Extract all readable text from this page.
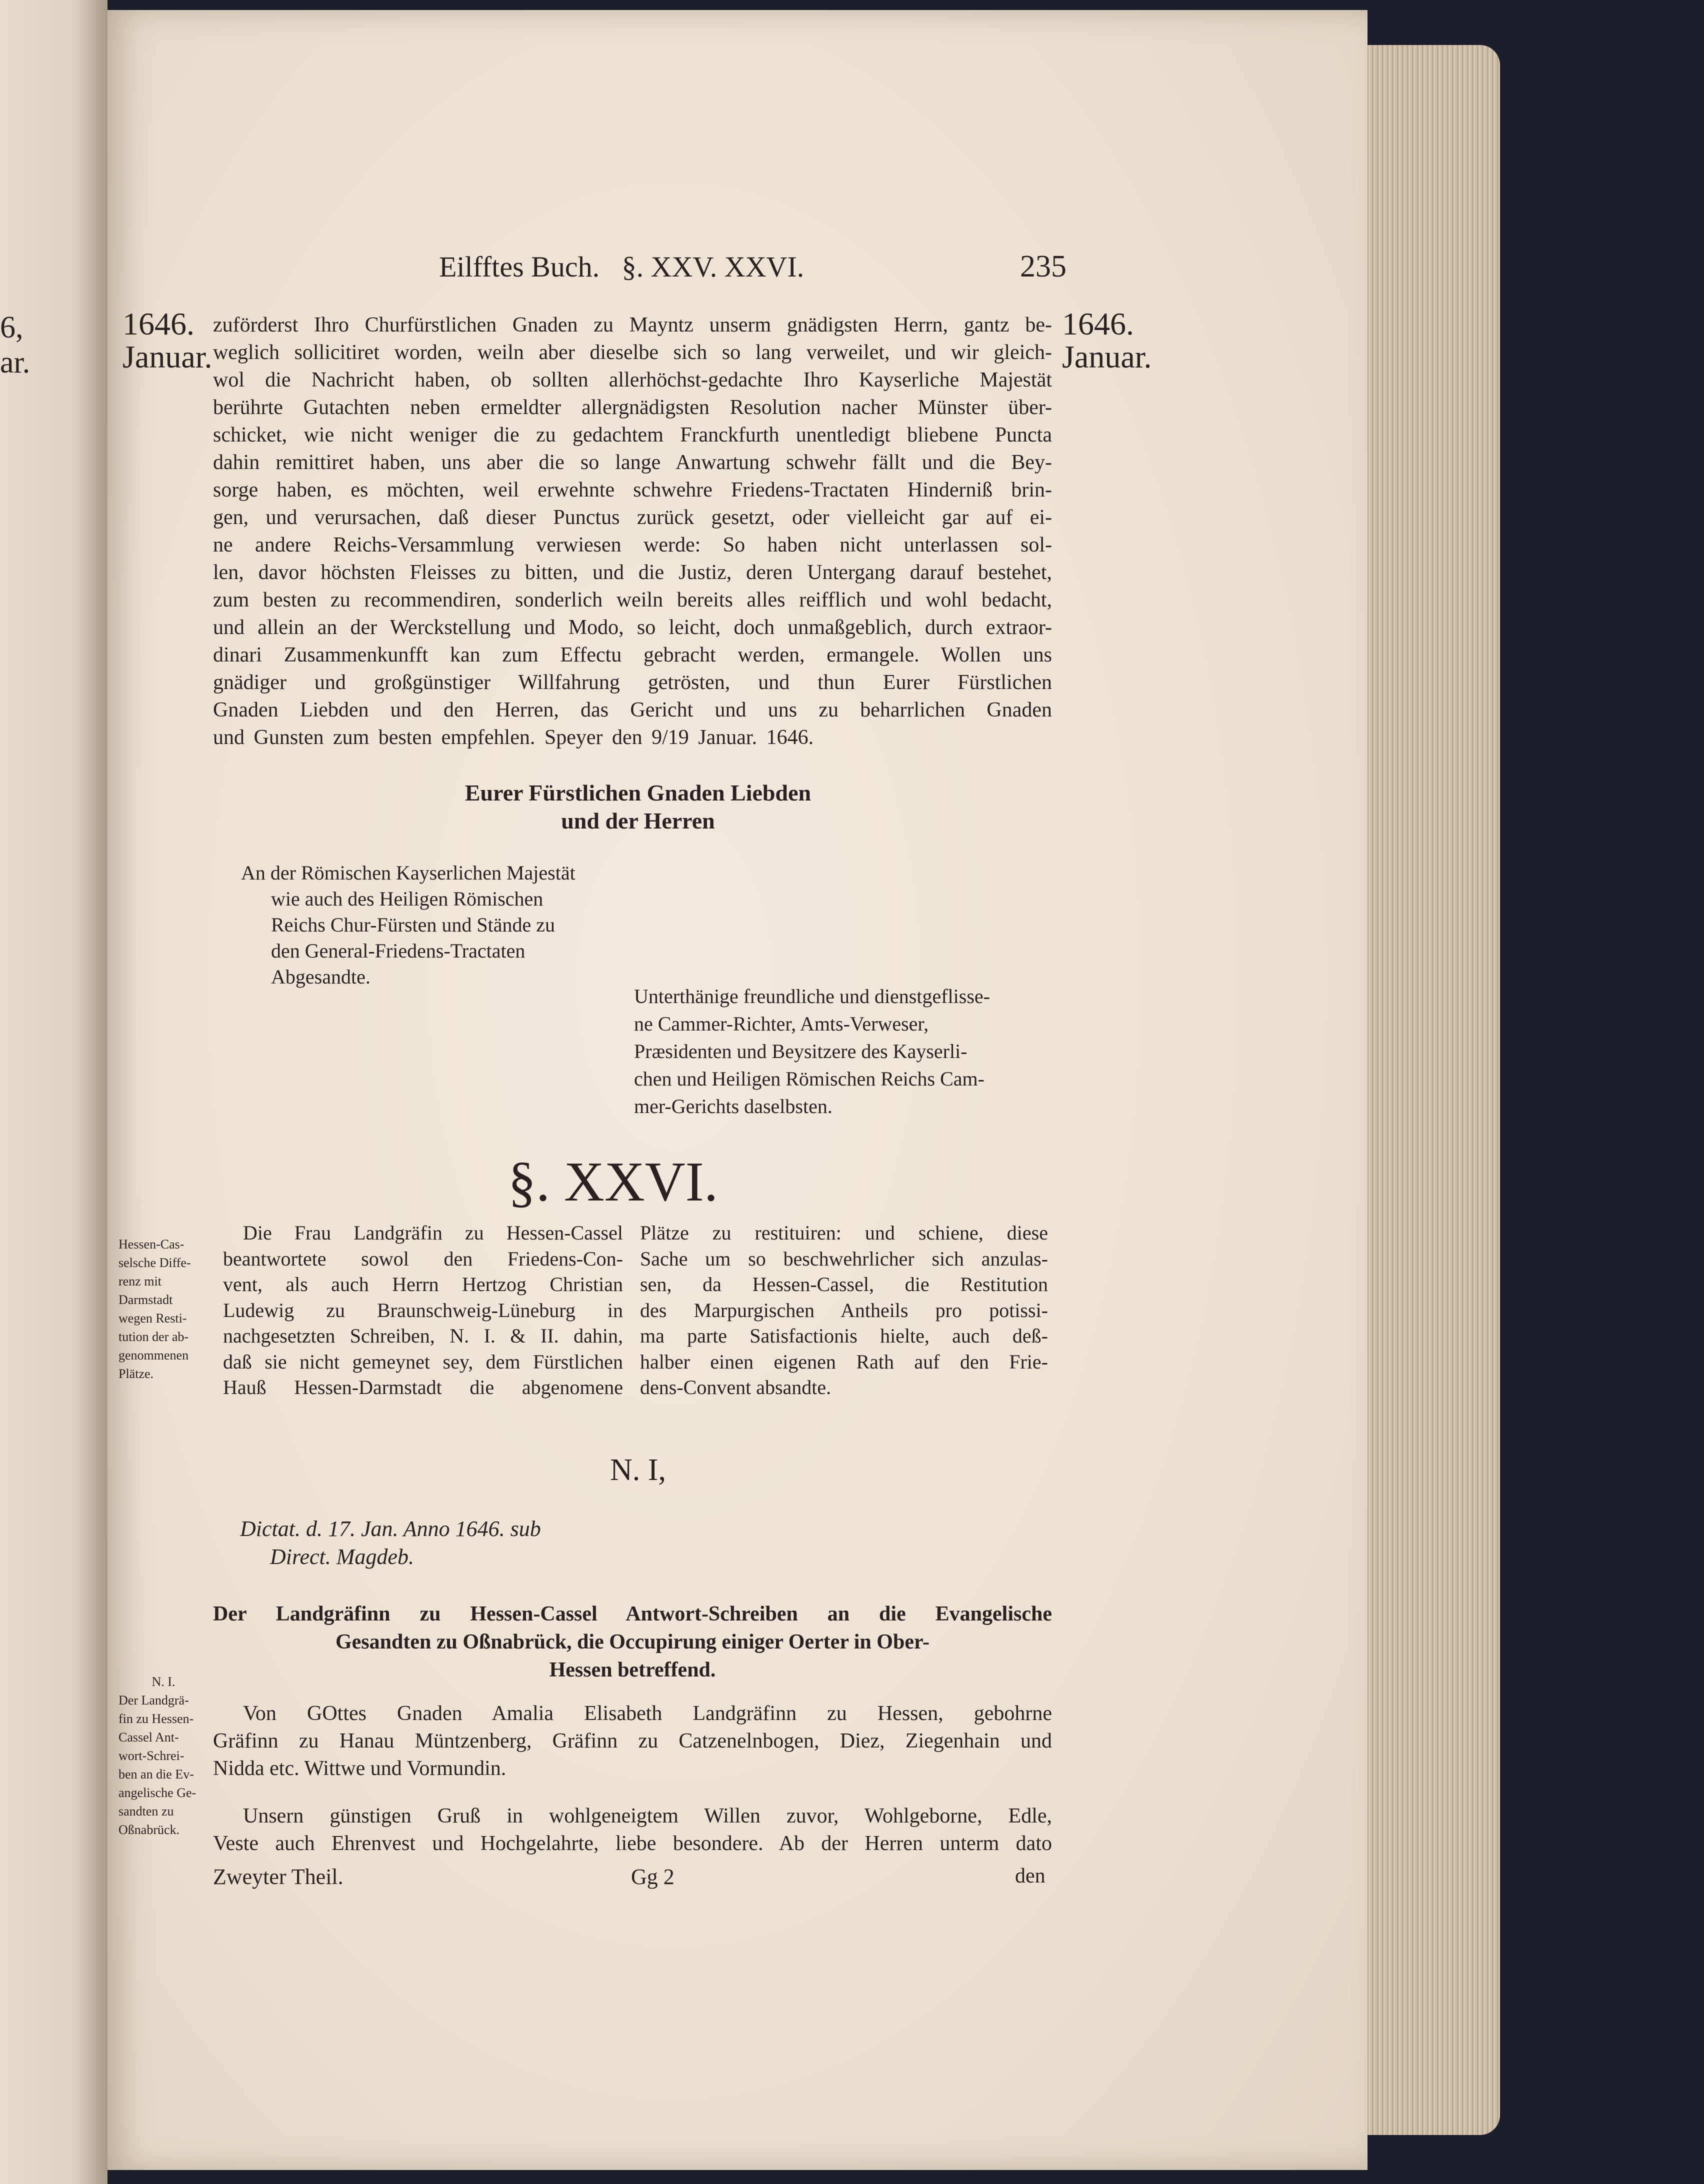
6,
ar.
Eilfftes Buch. §. XXV. XXVI.	235
1646.
Januar.
1646.
Januar.
zuförderst Ihro Churfürstlichen Gnaden zu Mayntz unserm gnädigsten Herrn, gantz be-
weglich sollicitiret worden, weiln aber dieselbe sich so lang verweilet, und wir gleich-
wol die Nachricht haben, ob sollten allerhöchst-gedachte Ihro Kayserliche Majestät
berührte Gutachten neben ermeldter allergnädigsten Resolution nacher Münster über-
schicket, wie nicht weniger die zu gedachtem Franckfurth unentledigt bliebene Puncta
dahin remittiret haben, uns aber die so lange Anwartung schwehr fällt und die Bey-
sorge haben, es möchten, weil erwehnte schwehre Friedens-Tractaten Hinderniß brin-
gen, und verursachen, daß dieser Punctus zurück gesetzt, oder vielleicht gar auf ei-
ne andere Reichs-Versammlung verwiesen werde: So haben nicht unterlassen sol-
len, davor höchsten Fleisses zu bitten, und die Justiz, deren Untergang darauf bestehet,
zum besten zu recommendiren, sonderlich weiln bereits alles reifflich und wohl bedacht,
und allein an der Werckstellung und Modo, so leicht, doch unmaßgeblich, durch extraor-
dinari Zusammenkunfft kan zum Effectu gebracht werden, ermangele. Wollen uns
gnädiger und großgünstiger Willfahrung getrösten, und thun Eurer Fürstlichen
Gnaden Liebden und den Herren, das Gericht und uns zu beharrlichen Gnaden
und Gunsten zum besten empfehlen. Speyer den 9/19 Januar. 1646.
Eurer Fürstlichen Gnaden Liebden
und der Herren
An der Römischen Kayserlichen Majestät
wie auch des Heiligen Römischen
Reichs Chur-Fürsten und Stände zu
den General-Friedens-Tractaten
Abgesandte.
Unterthänige freundliche und dienstgeflisse-
ne Cammer-Richter, Amts-Verweser,
Præsidenten und Beysitzere des Kayserli-
chen und Heiligen Römischen Reichs Cam-
mer-Gerichts daselbsten.
§. XXVI.
Hessen-Cas-
selsche Diffe-
renz mit
Darmstadt
wegen Resti-
tution der ab-
genommenen
Plätze.
Die Frau Landgräfin zu Hessen-Cassel
beantwortete sowol den Friedens-Con-
vent, als auch Herrn Hertzog Christian
Ludewig zu Braunschweig-Lüneburg in
nachgesetzten Schreiben, N. I. & II. dahin,
daß sie nicht gemeynet sey, dem Fürstlichen
Hauß Hessen-Darmstadt die abgenomene
Plätze zu restituiren: und schiene, diese
Sache um so beschwehrlicher sich anzulas-
sen, da Hessen-Cassel, die Restitution
des Marpurgischen Antheils pro potissi-
ma parte Satisfactionis hielte, auch deß-
halber einen eigenen Rath auf den Frie-
dens-Convent absandte.
N. I,
Dictat. d. 17. Jan. Anno 1646. sub
Direct. Magdeb.
Der Landgräfinn zu Hessen-Cassel Antwort-Schreiben an die Evangelische
Gesandten zu Oßnabrück, die Occupirung einiger Oerter in Ober-
Hessen betreffend.
N. I.
Der Landgrä-
fin zu Hessen-
Cassel Ant-
wort-Schrei-
ben an die Ev-
angelische Ge-
sandten zu
Oßnabrück.
Von GOttes Gnaden Amalia Elisabeth Landgräfinn zu Hessen, gebohrne
Gräfinn zu Hanau Müntzenberg, Gräfinn zu Catzenelnbogen, Diez, Ziegenhain und
Nidda etc. Wittwe und Vormundin.
Unsern günstigen Gruß in wohlgeneigtem Willen zuvor, Wohlgeborne, Edle,
Veste auch Ehrenvest und Hochgelahrte, liebe besondere. Ab der Herren unterm dato
Zweyter Theil.	Gg 2	den
